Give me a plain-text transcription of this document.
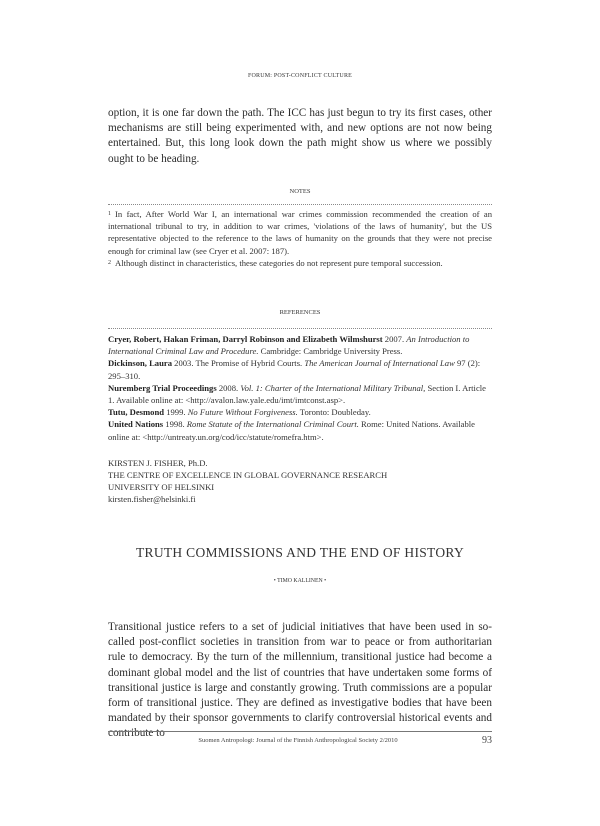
FORUM: POST-CONFLICT CULTURE
option, it is one far down the path. The ICC has just begun to try its first cases, other mechanisms are still being experimented with, and new options are not now being entertained. But, this long look down the path might show us where we possibly ought to be heading.
NOTES
$^1$ In fact, After World War I, an international war crimes commission recommended the creation of an international tribunal to try, in addition to war crimes, 'violations of the laws of humanity', but the US representative objected to the reference to the laws of humanity on the grounds that they were not precise enough for criminal law (see Cryer et al. 2007: 187).
$^2$ Although distinct in characteristics, these categories do not represent pure temporal succession.
REFERENCES
Cryer, Robert, Hakan Friman, Darryl Robinson and Elizabeth Wilmshurst 2007. An Introduction to International Criminal Law and Procedure. Cambridge: Cambridge University Press.
Dickinson, Laura 2003. The Promise of Hybrid Courts. The American Journal of International Law 97 (2): 295–310.
Nuremberg Trial Proceedings 2008. Vol. 1: Charter of the International Military Tribunal, Section I. Article 1. Available online at: <http://avalon.law.yale.edu/imt/imtconst.asp>.
Tutu, Desmond 1999. No Future Without Forgiveness. Toronto: Doubleday.
United Nations 1998. Rome Statute of the International Criminal Court. Rome: United Nations. Available online at: <http://untreaty.un.org/cod/icc/statute/romefra.htm>.
KIRSTEN J. FISHER, Ph.D.
THE CENTRE OF EXCELLENCE IN GLOBAL GOVERNANCE RESEARCH
UNIVERSITY OF HELSINKI
kirsten.fisher@helsinki.fi
TRUTH COMMISSIONS AND THE END OF HISTORY
• TIMO KALLINEN •
Transitional justice refers to a set of judicial initiatives that have been used in so-called post-conflict societies in transition from war to peace or from authoritarian rule to democracy. By the turn of the millennium, transitional justice had become a dominant global model and the list of countries that have undertaken some forms of transitional justice is large and constantly growing. Truth commissions are a popular form of transitional justice. They are defined as investigative bodies that have been mandated by their sponsor governments to clarify controversial historical events and contribute to
Suomen Antropologi: Journal of the Finnish Anthropological Society 2/2010	93
